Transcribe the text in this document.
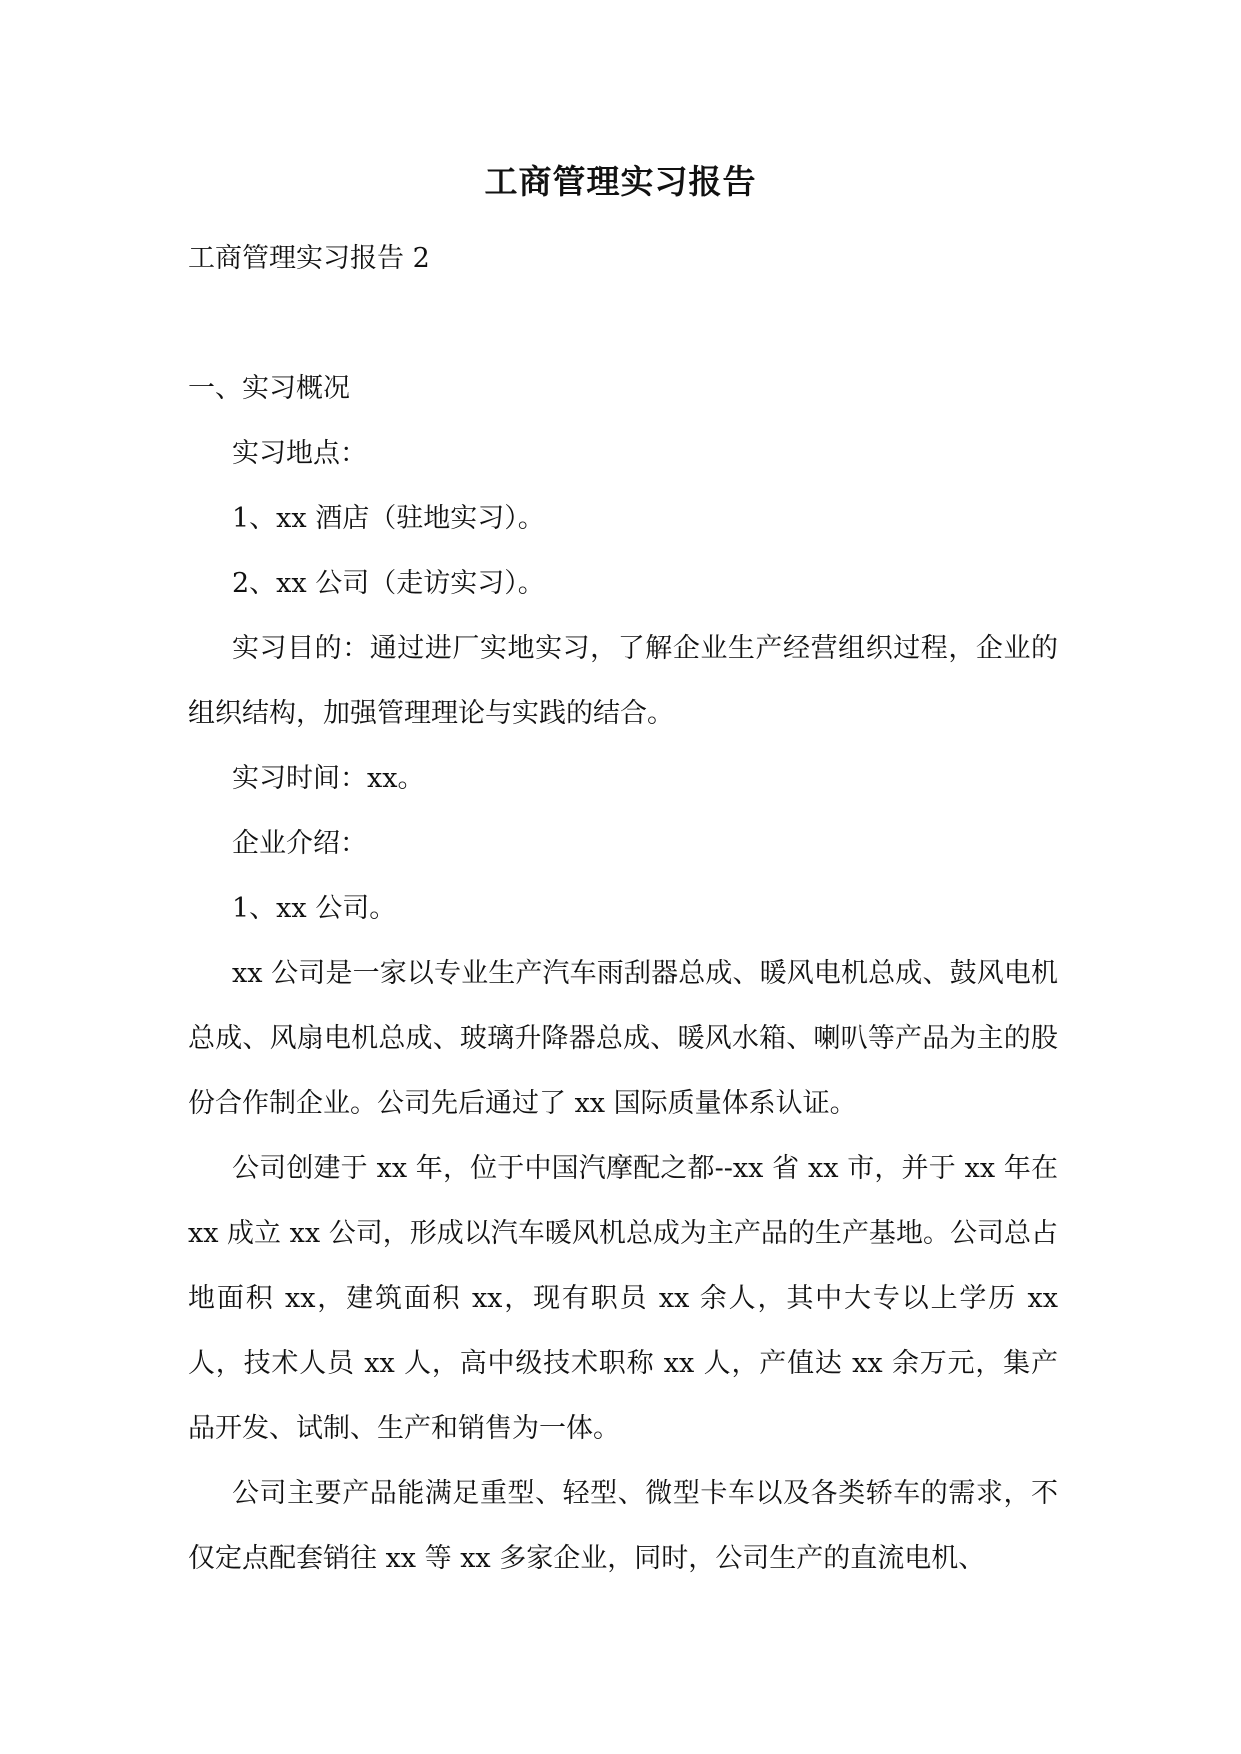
工商管理实习报告

工商管理实习报告 2

一、实习概况

实习地点：

1、xx 酒店（驻地实习）。

2、xx 公司（走访实习）。

实习目的：通过进厂实地实习，了解企业生产经营组织过程，企业的组织结构，加强管理理论与实践的结合。

实习时间：xx。

企业介绍：

1、xx 公司。

xx 公司是一家以专业生产汽车雨刮器总成、暖风电机总成、鼓风电机总成、风扇电机总成、玻璃升降器总成、暖风水箱、喇叭等产品为主的股份合作制企业。公司先后通过了 xx 国际质量体系认证。

公司创建于 xx 年，位于中国汽摩配之都--xx 省 xx 市，并于 xx 年在 xx 成立 xx 公司，形成以汽车暖风机总成为主产品的生产基地。公司总占地面积 xx，建筑面积 xx，现有职员 xx 余人，其中大专以上学历 xx 人，技术人员 xx 人，高中级技术职称 xx 人，产值达 xx 余万元，集产品开发、试制、生产和销售为一体。

公司主要产品能满足重型、轻型、微型卡车以及各类轿车的需求，不仅定点配套销往 xx 等 xx 多家企业，同时，公司生产的直流电机、
